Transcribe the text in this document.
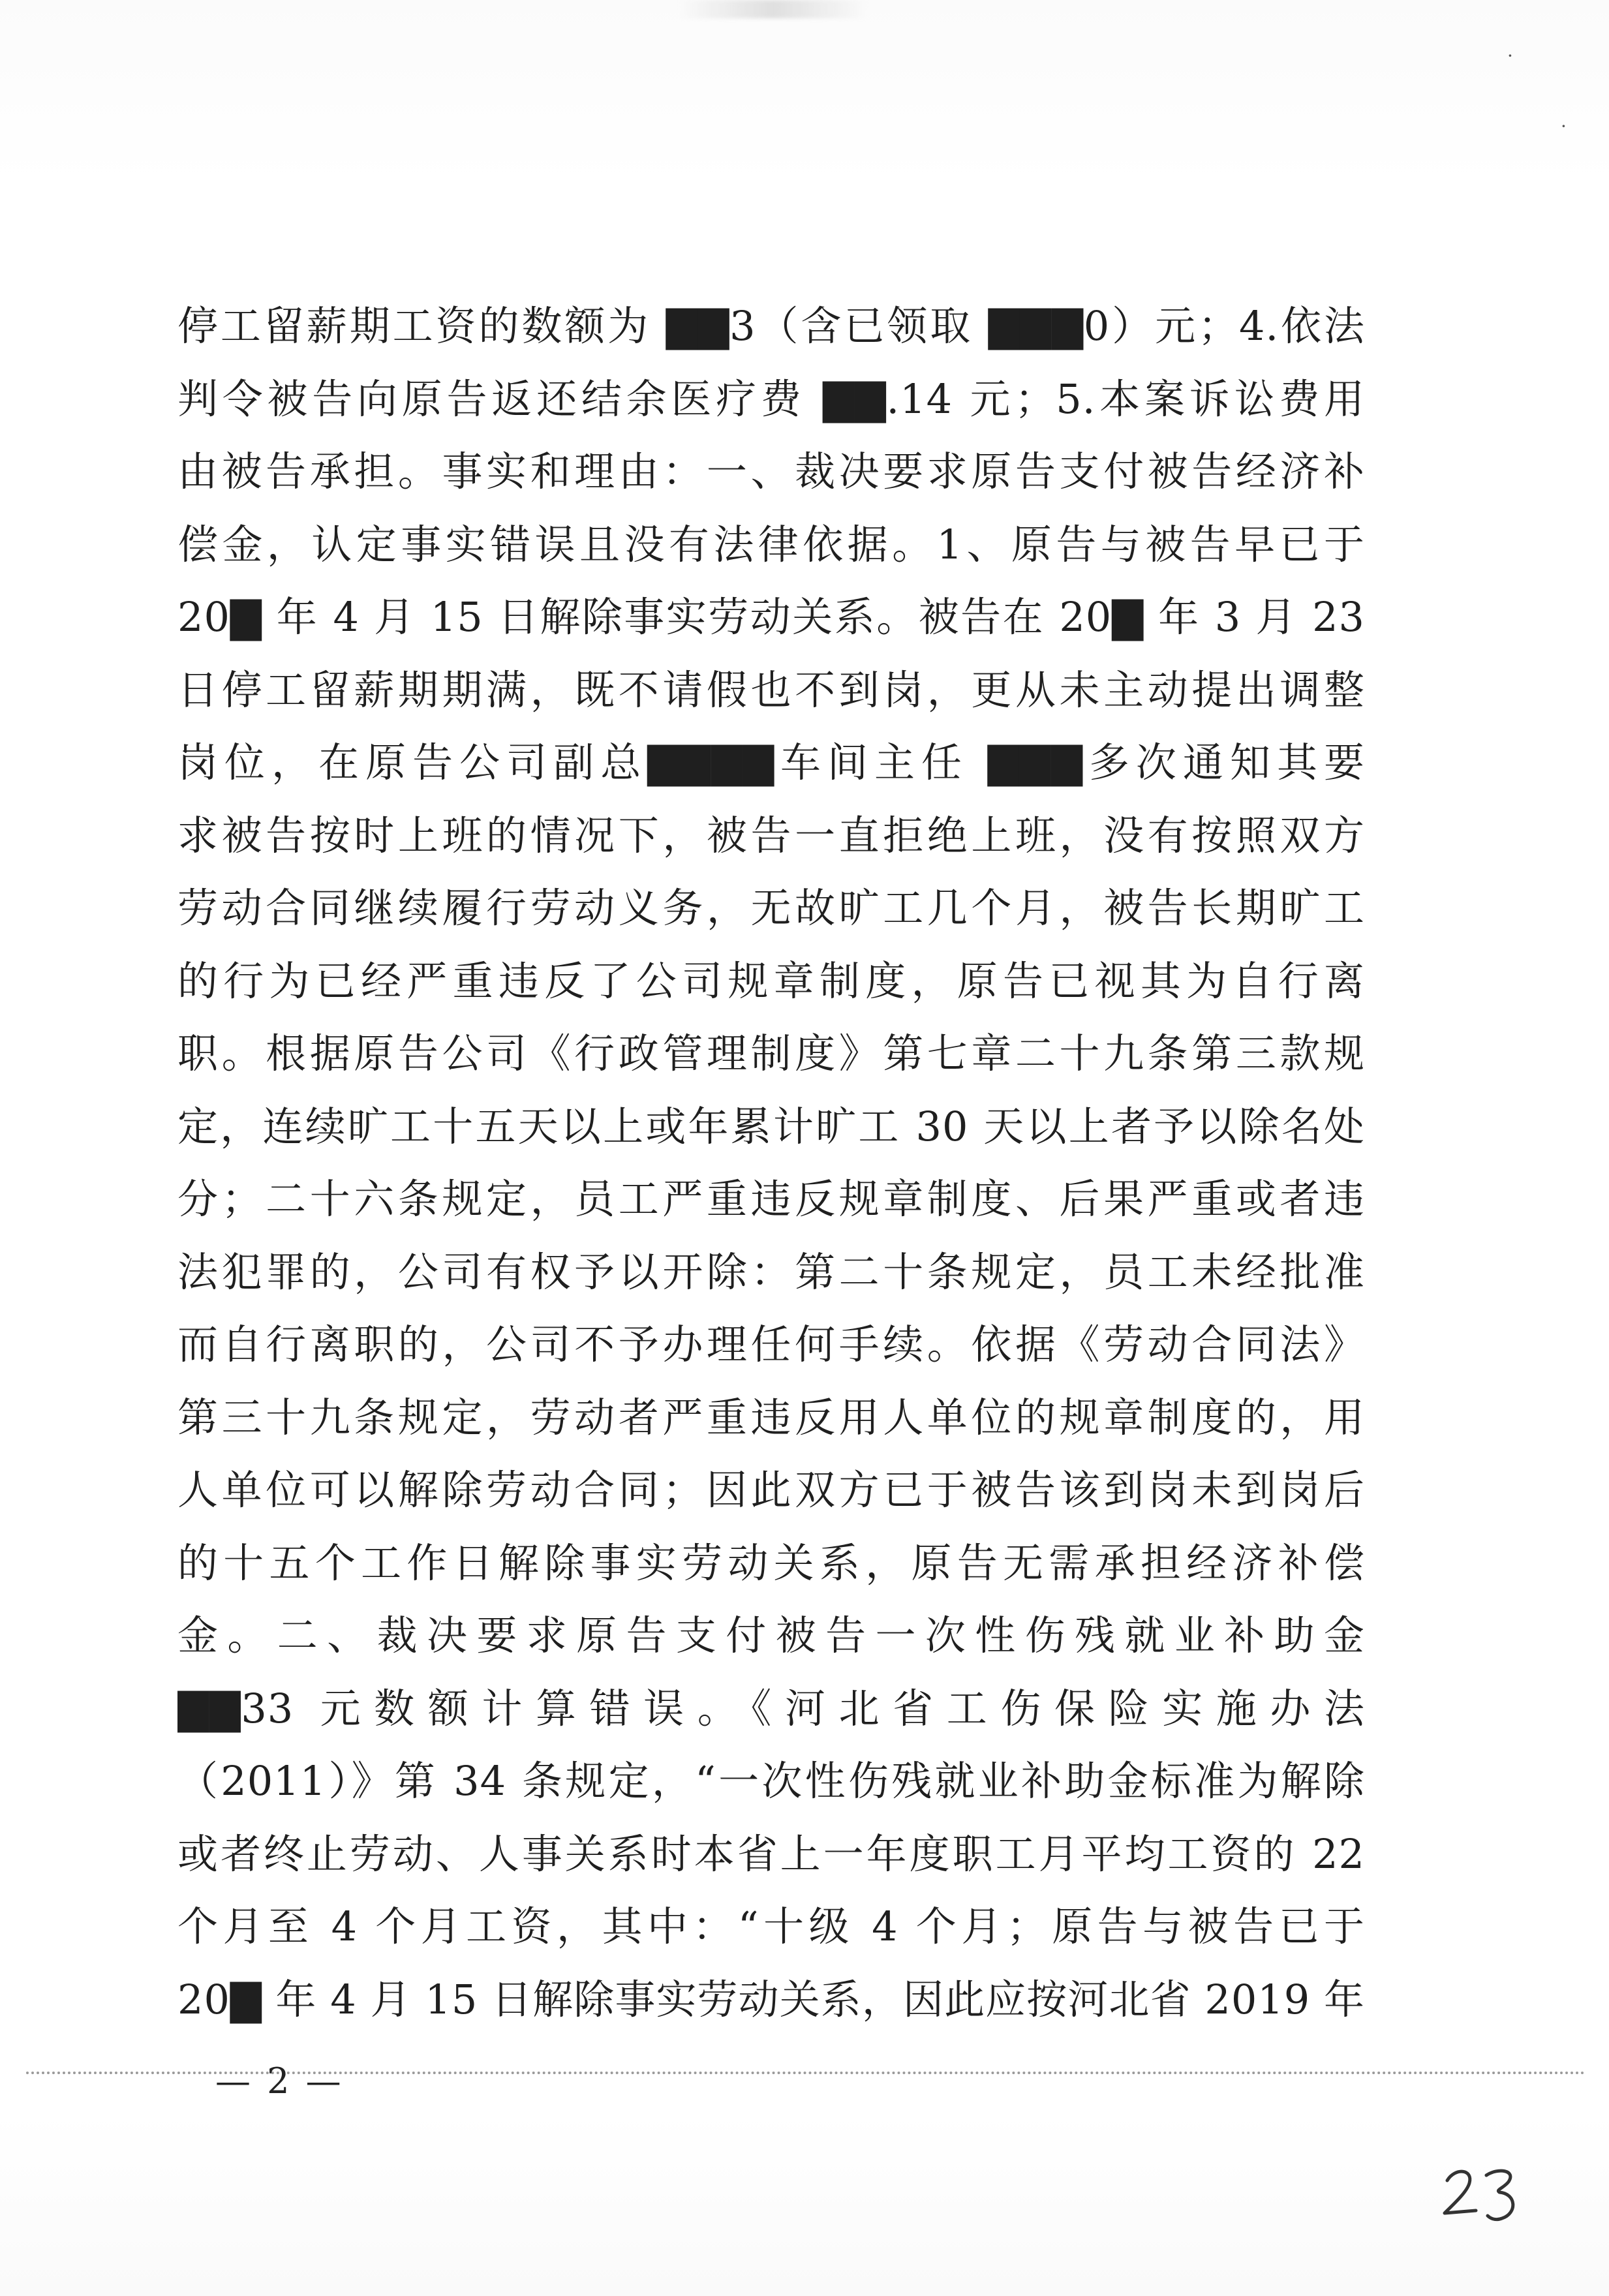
·
·
停工留薪期工资的数额为 ▇▇3（含已领取 ▇▇▇0）元；4.依法
判令被告向原告返还结余医疗费 ▇▇.14 元；5.本案诉讼费用
由被告承担。事实和理由：一、裁决要求原告支付被告经济补
偿金，认定事实错误且没有法律依据。1、原告与被告早已于
20▇ 年 4 月 15 日解除事实劳动关系。被告在 20▇ 年 3 月 23
日停工留薪期期满，既不请假也不到岗，更从未主动提出调整
岗位，在原告公司副总▇▇▇▇车间主任 ▇▇▇多次通知其要
求被告按时上班的情况下，被告一直拒绝上班，没有按照双方
劳动合同继续履行劳动义务，无故旷工几个月，被告长期旷工
的行为已经严重违反了公司规章制度，原告已视其为自行离
职。根据原告公司《行政管理制度》第七章二十九条第三款规
定，连续旷工十五天以上或年累计旷工 30 天以上者予以除名处
分；二十六条规定，员工严重违反规章制度、后果严重或者违
法犯罪的，公司有权予以开除：第二十条规定，员工未经批准
而自行离职的，公司不予办理任何手续。依据《劳动合同法》
第三十九条规定，劳动者严重违反用人单位的规章制度的，用
人单位可以解除劳动合同；因此双方已于被告该到岗未到岗后
的十五个工作日解除事实劳动关系，原告无需承担经济补偿
金。二、裁决要求原告支付被告一次性伤残就业补助金
▇▇33 元数额计算错误。《河北省工伤保险实施办法
（2011）》第 34 条规定，“一次性伤残就业补助金标准为解除
或者终止劳动、人事关系时本省上一年度职工月平均工资的 22
个月至 4 个月工资，其中：“十级 4 个月；原告与被告已于
20▇ 年 4 月 15 日解除事实劳动关系，因此应按河北省 2019 年
— 2 —
